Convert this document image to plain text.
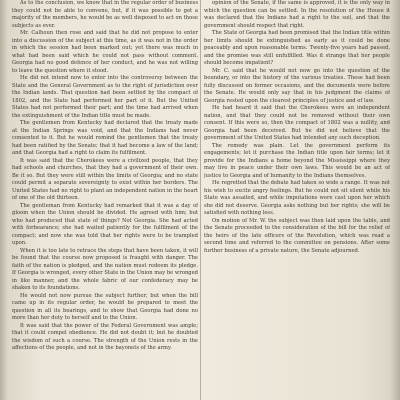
As to the conclusion, we know that in the regular order of business they could not be able to convene, but, if it was possible to get a majority of the members, he would be as well disposed to act on those subjects as ever.

Mr. Calhoun then rose and said that he did not propose to enter into a discussion of the subject at this time, as it was not in the order in which the session had been marked out; yet there was much in what had been said which he could not pass without comment. Georgia had no good defence of her conduct, and he was not willing to leave the question where it stood.

He did not intend now to enter into the controversy between the State and the General Government as to the right of jurisdiction over the Indian lands. That question had been settled by the compact of 1802, and the State had performed her part of it. But the United States had not performed their part; and the time had arrived when the extinguishment of the Indian title must be made.

The gentlemen from Kentucky had declared that the treaty made at the Indian Springs was void, and that the Indians had never consented to it. But he would remind the gentlemen that the treaty had been ratified by the Senate; that it had become a law of the land; and that Georgia had a right to claim its fulfilment.

It was said that the Cherokees were a civilized people, that they had schools and churches, that they had a government of their own. Be it so. But they were still within the limits of Georgia; and no state could permit a separate sovereignty to exist within her borders. The United States had no right to plant an independent nation in the heart of one of the old thirteen.

The gentleman from Kentucky had remarked that it was a day of gloom when the Union should be divided. He agreed with him; but who had produced that state of things? Not Georgia. She had acted with forbearance; she had waited patiently for the fulfilment of the compact; and now she was told that her rights were to be trampled upon.

When it is too late to retrace the steps that have been taken, it will be found that the course now proposed is fraught with danger. The faith of the nation is pledged, and the nation must redeem its pledge. If Georgia is wronged, every other State in the Union may be wronged in like manner, and the whole fabric of our confederacy may be shaken to its foundations.

He would not now pursue the subject further; but when the bill came up in its regular order, he would be prepared to meet the question in all its bearings, and to show that Georgia had done no more than her duty to herself and to the Union.

It was said that the power of the Federal Government was ample; that it could compel obedience. He did not doubt it; but he doubted the wisdom of such a course. The strength of the Union rests in the affections of the people, and not in the bayonets of the army.

opinion of the Senate, if the same is approved, it is the only way in which the question can be settled. In the resolution of the House it was declared that the Indians had a right to the soil, and that the government should respect that right.

The State of Georgia had been promised that the Indian title within her limits should be extinguished as early as it could be done peaceably and upon reasonable terms. Twenty-five years had passed, and the promise was still unfulfilled. Was it strange that her people should become impatient?

Mr. C. said that he would not now go into the question of the boundary, or into the history of the various treaties. These had been fully discussed on former occasions, and the documents were before the Senate. He would only say that in his judgment the claims of Georgia rested upon the clearest principles of justice and of law.

He had heard it said that the Cherokees were an independent nation, and that they could not be removed without their own consent. If this were so, then the compact of 1802 was a nullity, and Georgia had been deceived. But he did not believe that the government of the United States had intended any such deception.

The remedy was plain. Let the government perform its engagements; let it purchase the Indian title upon fair terms; let it provide for the Indians a home beyond the Mississippi where they may live in peace under their own laws. This would be an act of justice to Georgia and of humanity to the Indians themselves.

He regretted that the debate had taken so wide a range. It was not his wish to excite angry feelings. But he could not sit silent while his State was assailed, and while imputations were cast upon her which she did not deserve. Georgia asks nothing but her rights; she will be satisfied with nothing less.

On motion of Mr. W. the subject was then laid upon the table, and the Senate proceeded to the consideration of the bill for the relief of the heirs of the late officers of the Revolution, which was read a second time and referred to the committee on pensions. After some further business of a private nature, the Senate adjourned.
